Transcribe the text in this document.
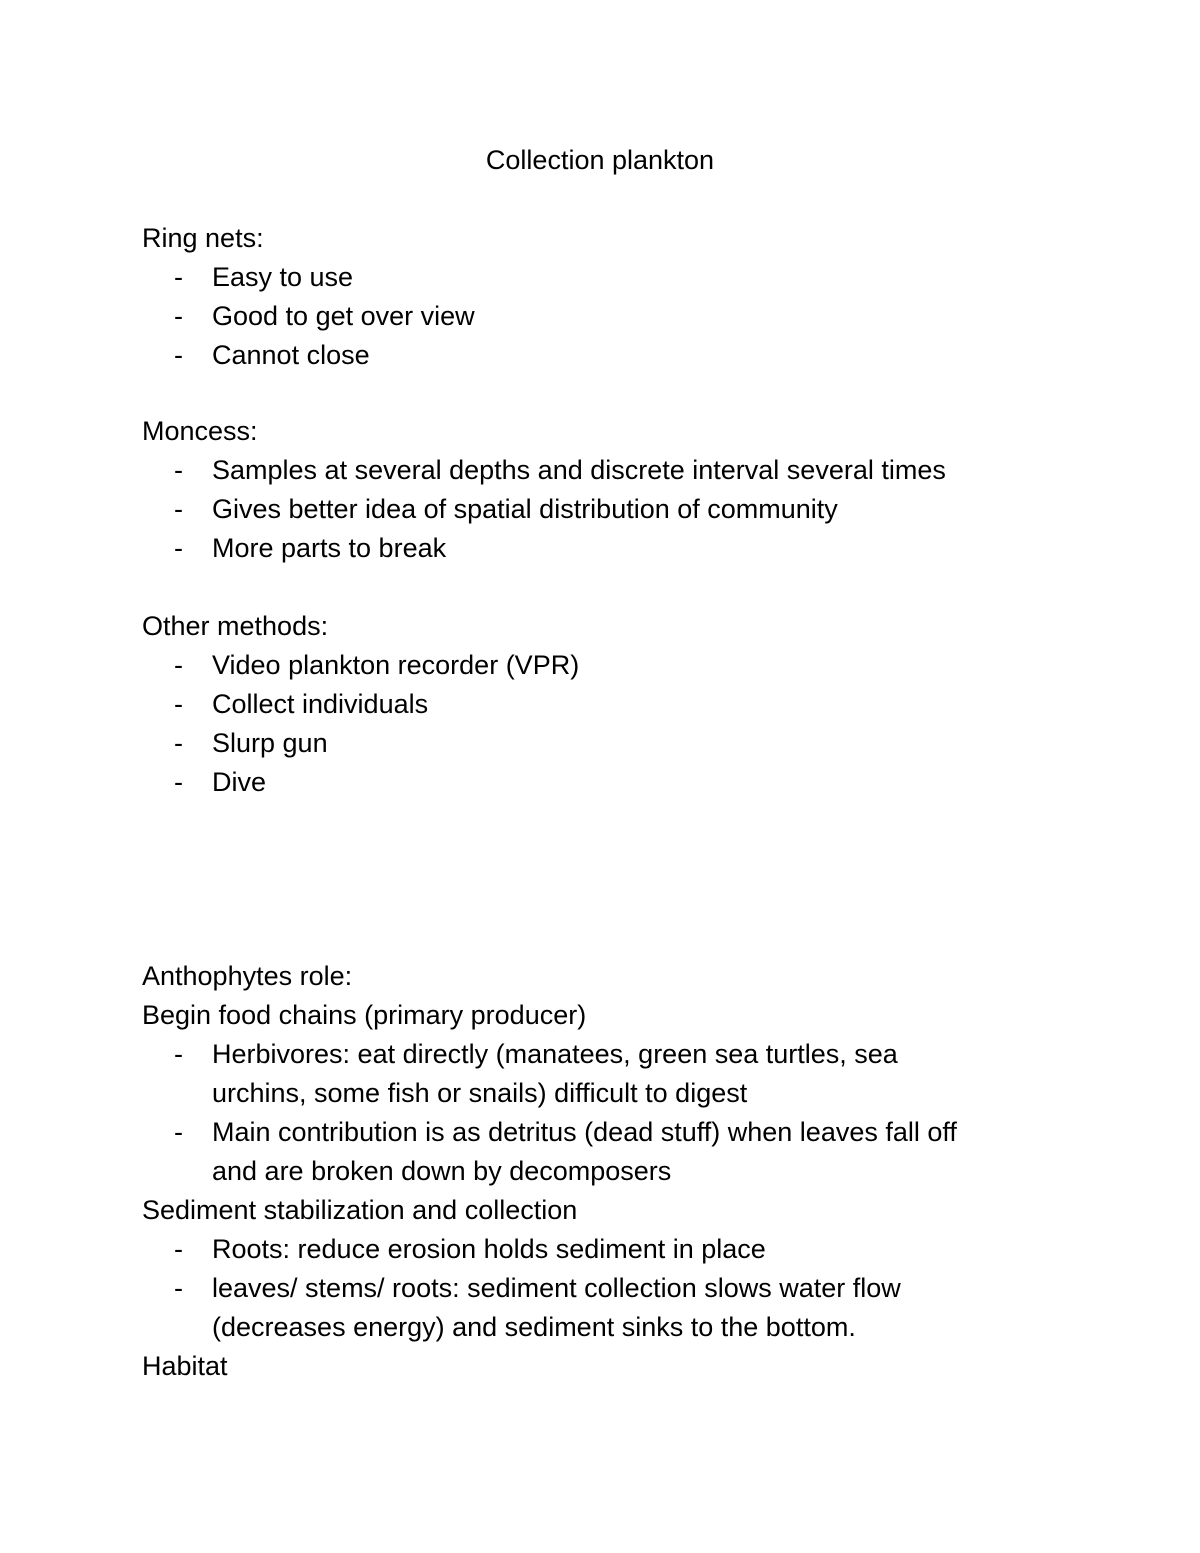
Collection plankton
Ring nets:
- Easy to use
- Good to get over view
- Cannot close
Moncess:
- Samples at several depths and discrete interval several times
- Gives better idea of spatial distribution of community
- More parts to break
Other methods:
- Video plankton recorder (VPR)
- Collect individuals
- Slurp gun
- Dive
Anthophytes role:
Begin food chains (primary producer)
- Herbivores: eat directly (manatees, green sea turtles, sea
urchins, some fish or snails) difficult to digest
- Main contribution is as detritus (dead stuff) when leaves fall off
and are broken down by decomposers
Sediment stabilization and collection
- Roots: reduce erosion holds sediment in place
- leaves/ stems/ roots: sediment collection slows water flow
(decreases energy) and sediment sinks to the bottom.
Habitat
